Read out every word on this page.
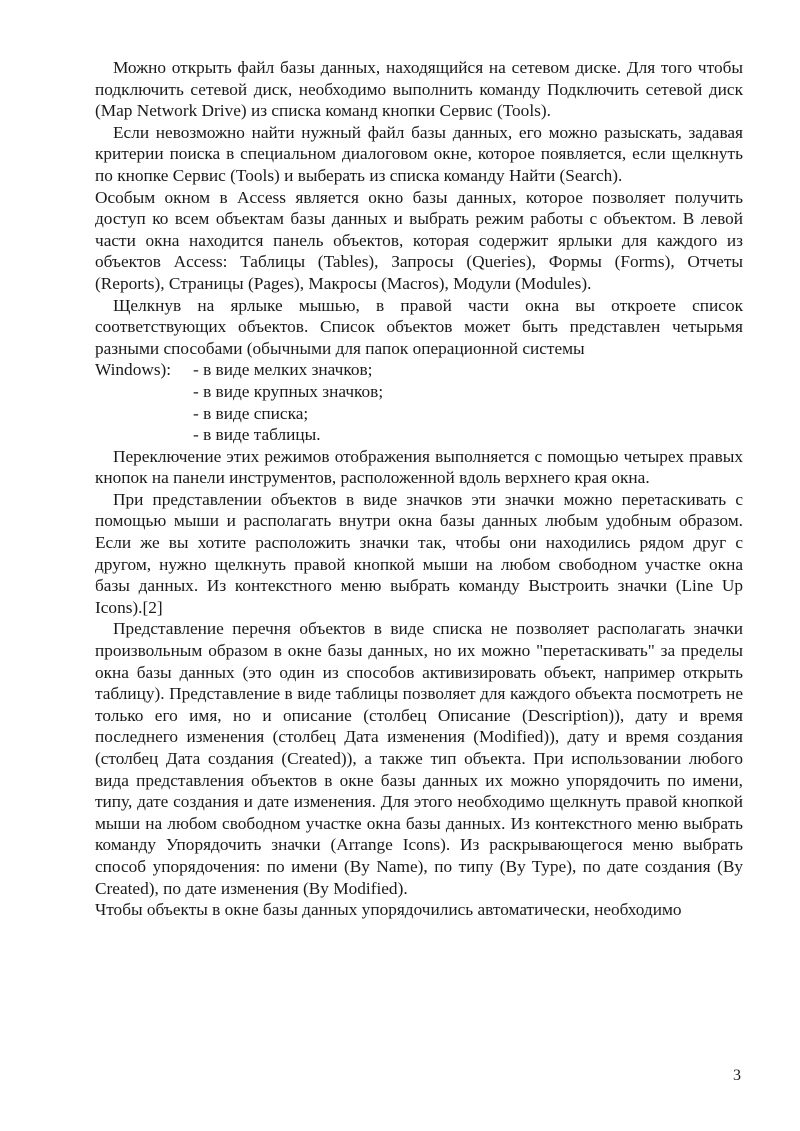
Можно открыть файл базы данных, находящийся на сетевом диске. Для того чтобы подключить сетевой диск, необходимо выполнить команду Подключить сетевой диск (Map Network Drive) из списка команд кнопки Сервис (Tools).

Если невозможно найти нужный файл базы данных, его можно разыскать, задавая критерии поиска в специальном диалоговом окне, которое появляется, если щелкнуть по кнопке Сервис (Tools) и выберать из списка команду Найти (Search).

Особым окном в Access является окно базы данных, которое позволяет получить доступ ко всем объектам базы данных и выбрать режим работы с объектом. В левой части окна находится панель объектов, которая содержит ярлыки для каждого из объектов Access: Таблицы (Tables), Запросы (Queries), Формы (Forms), Отчеты (Reports), Страницы (Pages), Макросы (Macros), Модули (Modules).

Щелкнув на ярлыке мышью, в правой части окна вы откроете список соответствующих объектов. Список объектов может быть представлен четырьмя разными способами (обычными для папок операционной системы

Windows):	- в виде мелких значков;

- в виде крупных значков;

- в виде списка;

- в виде таблицы.

Переключение этих режимов отображения выполняется с помощью четырех правых кнопок на панели инструментов, расположенной вдоль верхнего края окна.

При представлении объектов в виде значков эти значки можно перетаскивать с помощью мыши и располагать внутри окна базы данных любым удобным образом. Если же вы хотите расположить значки так, чтобы они находились рядом друг с другом, нужно щелкнуть правой кнопкой мыши на любом свободном участке окна базы данных. Из контекстного меню выбрать команду Выстроить значки (Line Up Icons).[2]

Представление перечня объектов в виде списка не позволяет располагать значки произвольным образом в окне базы данных, но их можно "перетаскивать" за пределы окна базы данных (это один из способов активизировать объект, например открыть таблицу). Представление в виде таблицы позволяет для каждого объекта посмотреть не только его имя, но и описание (столбец Описание (Description)), дату и время последнего изменения (столбец Дата изменения (Modified)), дату и время создания (столбец Дата создания (Created)), а также тип объекта. При использовании любого вида представления объектов в окне базы данных их можно упорядочить по имени, типу, дате создания и дате изменения. Для этого необходимо щелкнуть правой кнопкой мыши на любом свободном участке окна базы данных. Из контекстного меню выбрать команду Упорядочить значки (Arrange Icons). Из раскрывающегося меню выбрать способ упорядочения: по имени (By Name), по типу (By Type), по дате создания (By Created), по дате изменения (By Modified).

Чтобы объекты в окне базы данных упорядочились автоматически, необходимо

3
